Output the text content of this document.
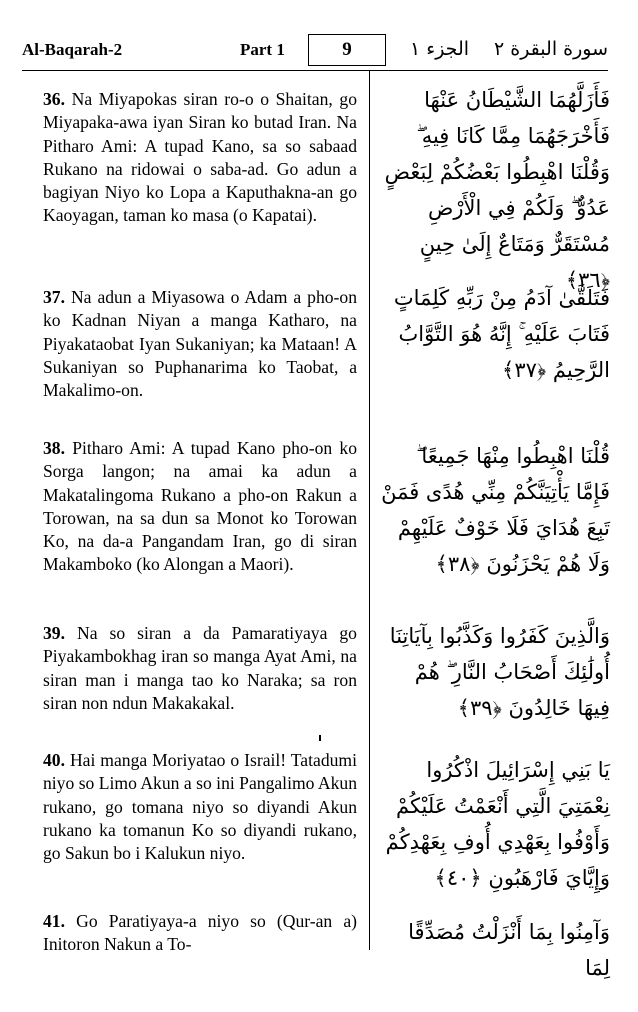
Al-Baqarah-2	Part 1	9	الجزء ١ سورة البقرة ٢

36. Na Miyapokas siran ro-o o Shaitan, go Miyapaka-awa iyan Siran ko butad Iran. Na Pitharo Ami: A tupad Kano, sa so sabaad Rukano na ridowai o saba-ad. Go adun a bagiyan Niyo ko Lopa a Kaputhakna-an go Kaoyagan, taman ko masa (o Kapatai).

فَأَزَلَّهُمَا الشَّيْطَانُ عَنْهَا فَأَخْرَجَهُمَا مِمَّا كَانَا فِيهِ ۖ وَقُلْنَا اهْبِطُوا بَعْضُكُمْ لِبَعْضٍ عَدُوٌّ ۖ وَلَكُمْ فِي الْأَرْضِ مُسْتَقَرٌّ وَمَتَاعٌ إِلَىٰ حِينٍ ﴿٣٦﴾

37. Na adun a Miyasowa o Adam a pho-on ko Kadnan Niyan a manga Katharo, na Piyakataobat Iyan Sukaniyan; ka Mataan! A Sukaniyan so Puphanarima ko Taobat, a Makalimo-on.

فَتَلَقَّىٰ آدَمُ مِنْ رَبِّهِ كَلِمَاتٍ فَتَابَ عَلَيْهِ ۚ إِنَّهُ هُوَ التَّوَّابُ الرَّحِيمُ ﴿٣٧﴾

38. Pitharo Ami: A tupad Kano pho-on ko Sorga langon; na amai ka adun a Makatalingoma Rukano a pho-on Rakun a Torowan, na sa dun sa Monot ko Torowan Ko, na da-a Pangandam Iran, go di siran Makamboko (ko Alongan a Maori).

قُلْنَا اهْبِطُوا مِنْهَا جَمِيعًا ۖ فَإِمَّا يَأْتِيَنَّكُمْ مِنِّي هُدًى فَمَنْ تَبِعَ هُدَايَ فَلَا خَوْفٌ عَلَيْهِمْ وَلَا هُمْ يَحْزَنُونَ ﴿٣٨﴾

39. Na so siran a da Pamaratiyaya go Piyakambokhag iran so manga Ayat Ami, na siran man i manga tao ko Naraka; sa ron siran non ndun Makakakal.

وَالَّذِينَ كَفَرُوا وَكَذَّبُوا بِآيَاتِنَا أُولَٰئِكَ أَصْحَابُ النَّارِ ۖ هُمْ فِيهَا خَالِدُونَ ﴿٣٩﴾

40. Hai manga Moriyatao o Israil! Tatadumi niyo so Limo Akun a so ini Pangalimo Akun rukano, go tomana niyo so diyandi Akun rukano ka tomanun Ko so diyandi rukano, go Sakun bo i Kalukun niyo.

يَا بَنِي إِسْرَائِيلَ اذْكُرُوا نِعْمَتِيَ الَّتِي أَنْعَمْتُ عَلَيْكُمْ وَأَوْفُوا بِعَهْدِي أُوفِ بِعَهْدِكُمْ وَإِيَّايَ فَارْهَبُونِ ﴿٤٠﴾

41. Go Paratiyaya-a niyo so (Qur-an a) Initoron Nakun a To-

وَآمِنُوا بِمَا أَنْزَلْتُ مُصَدِّقًا لِمَا
